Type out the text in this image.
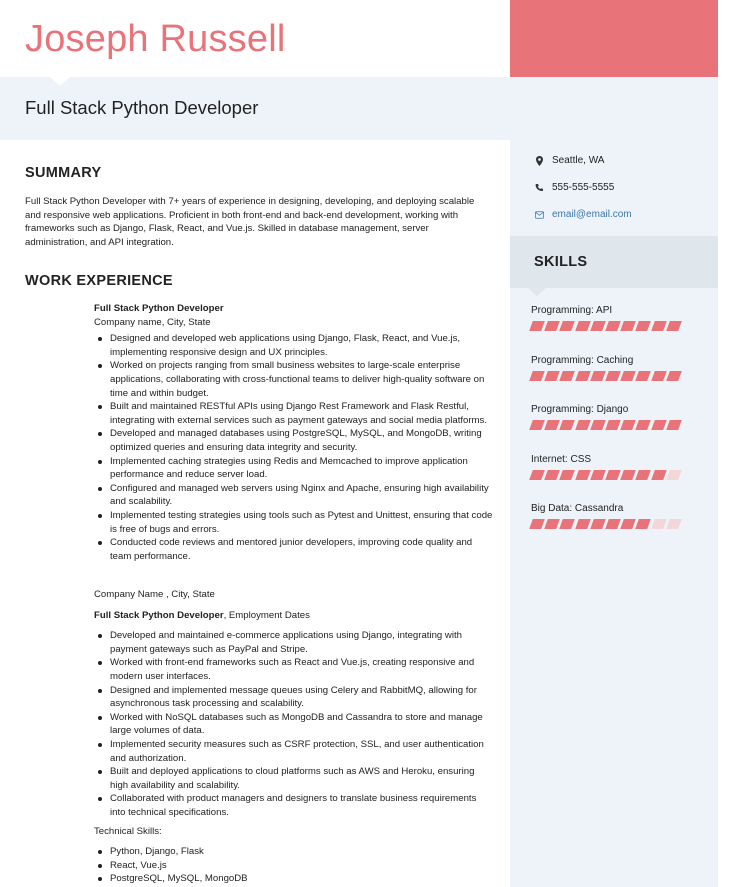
Joseph Russell
Full Stack Python Developer
Seattle, WA
555-555-5555
email@email.com
SKILLS
Programming: API
Programming: Caching
Programming: Django
Internet: CSS
Big Data: Cassandra
SUMMARY

Full Stack Python Developer with 7+ years of experience in designing, developing, and deploying scalable and responsive web applications. Proficient in both front-end and back-end development, working with frameworks such as Django, Flask, React, and Vue.js. Skilled in database management, server administration, and API integration.

WORK EXPERIENCE
Full Stack Python Developer
Company name, City, State
Designed and developed web applications using Django, Flask, React, and Vue.js, implementing responsive design and UX principles.
Worked on projects ranging from small business websites to large-scale enterprise applications, collaborating with cross-functional teams to deliver high-quality software on time and within budget.
Built and maintained RESTful APIs using Django Rest Framework and Flask Restful, integrating with external services such as payment gateways and social media platforms.
Developed and managed databases using PostgreSQL, MySQL, and MongoDB, writing optimized queries and ensuring data integrity and security.
Implemented caching strategies using Redis and Memcached to improve application performance and reduce server load.
Configured and managed web servers using Nginx and Apache, ensuring high availability and scalability.
Implemented testing strategies using tools such as Pytest and Unittest, ensuring that code is free of bugs and errors.
Conducted code reviews and mentored junior developers, improving code quality and team performance.
Company Name , City, State
Full Stack Python Developer, Employment Dates
Developed and maintained e-commerce applications using Django, integrating with payment gateways such as PayPal and Stripe.
Worked with front-end frameworks such as React and Vue.js, creating responsive and modern user interfaces.
Designed and implemented message queues using Celery and RabbitMQ, allowing for asynchronous task processing and scalability.
Worked with NoSQL databases such as MongoDB and Cassandra to store and manage large volumes of data.
Implemented security measures such as CSRF protection, SSL, and user authentication and authorization.
Built and deployed applications to cloud platforms such as AWS and Heroku, ensuring high availability and scalability.
Collaborated with product managers and designers to translate business requirements into technical specifications.
Technical Skills:
Python, Django, Flask
React, Vue.js
PostgreSQL, MySQL, MongoDB
